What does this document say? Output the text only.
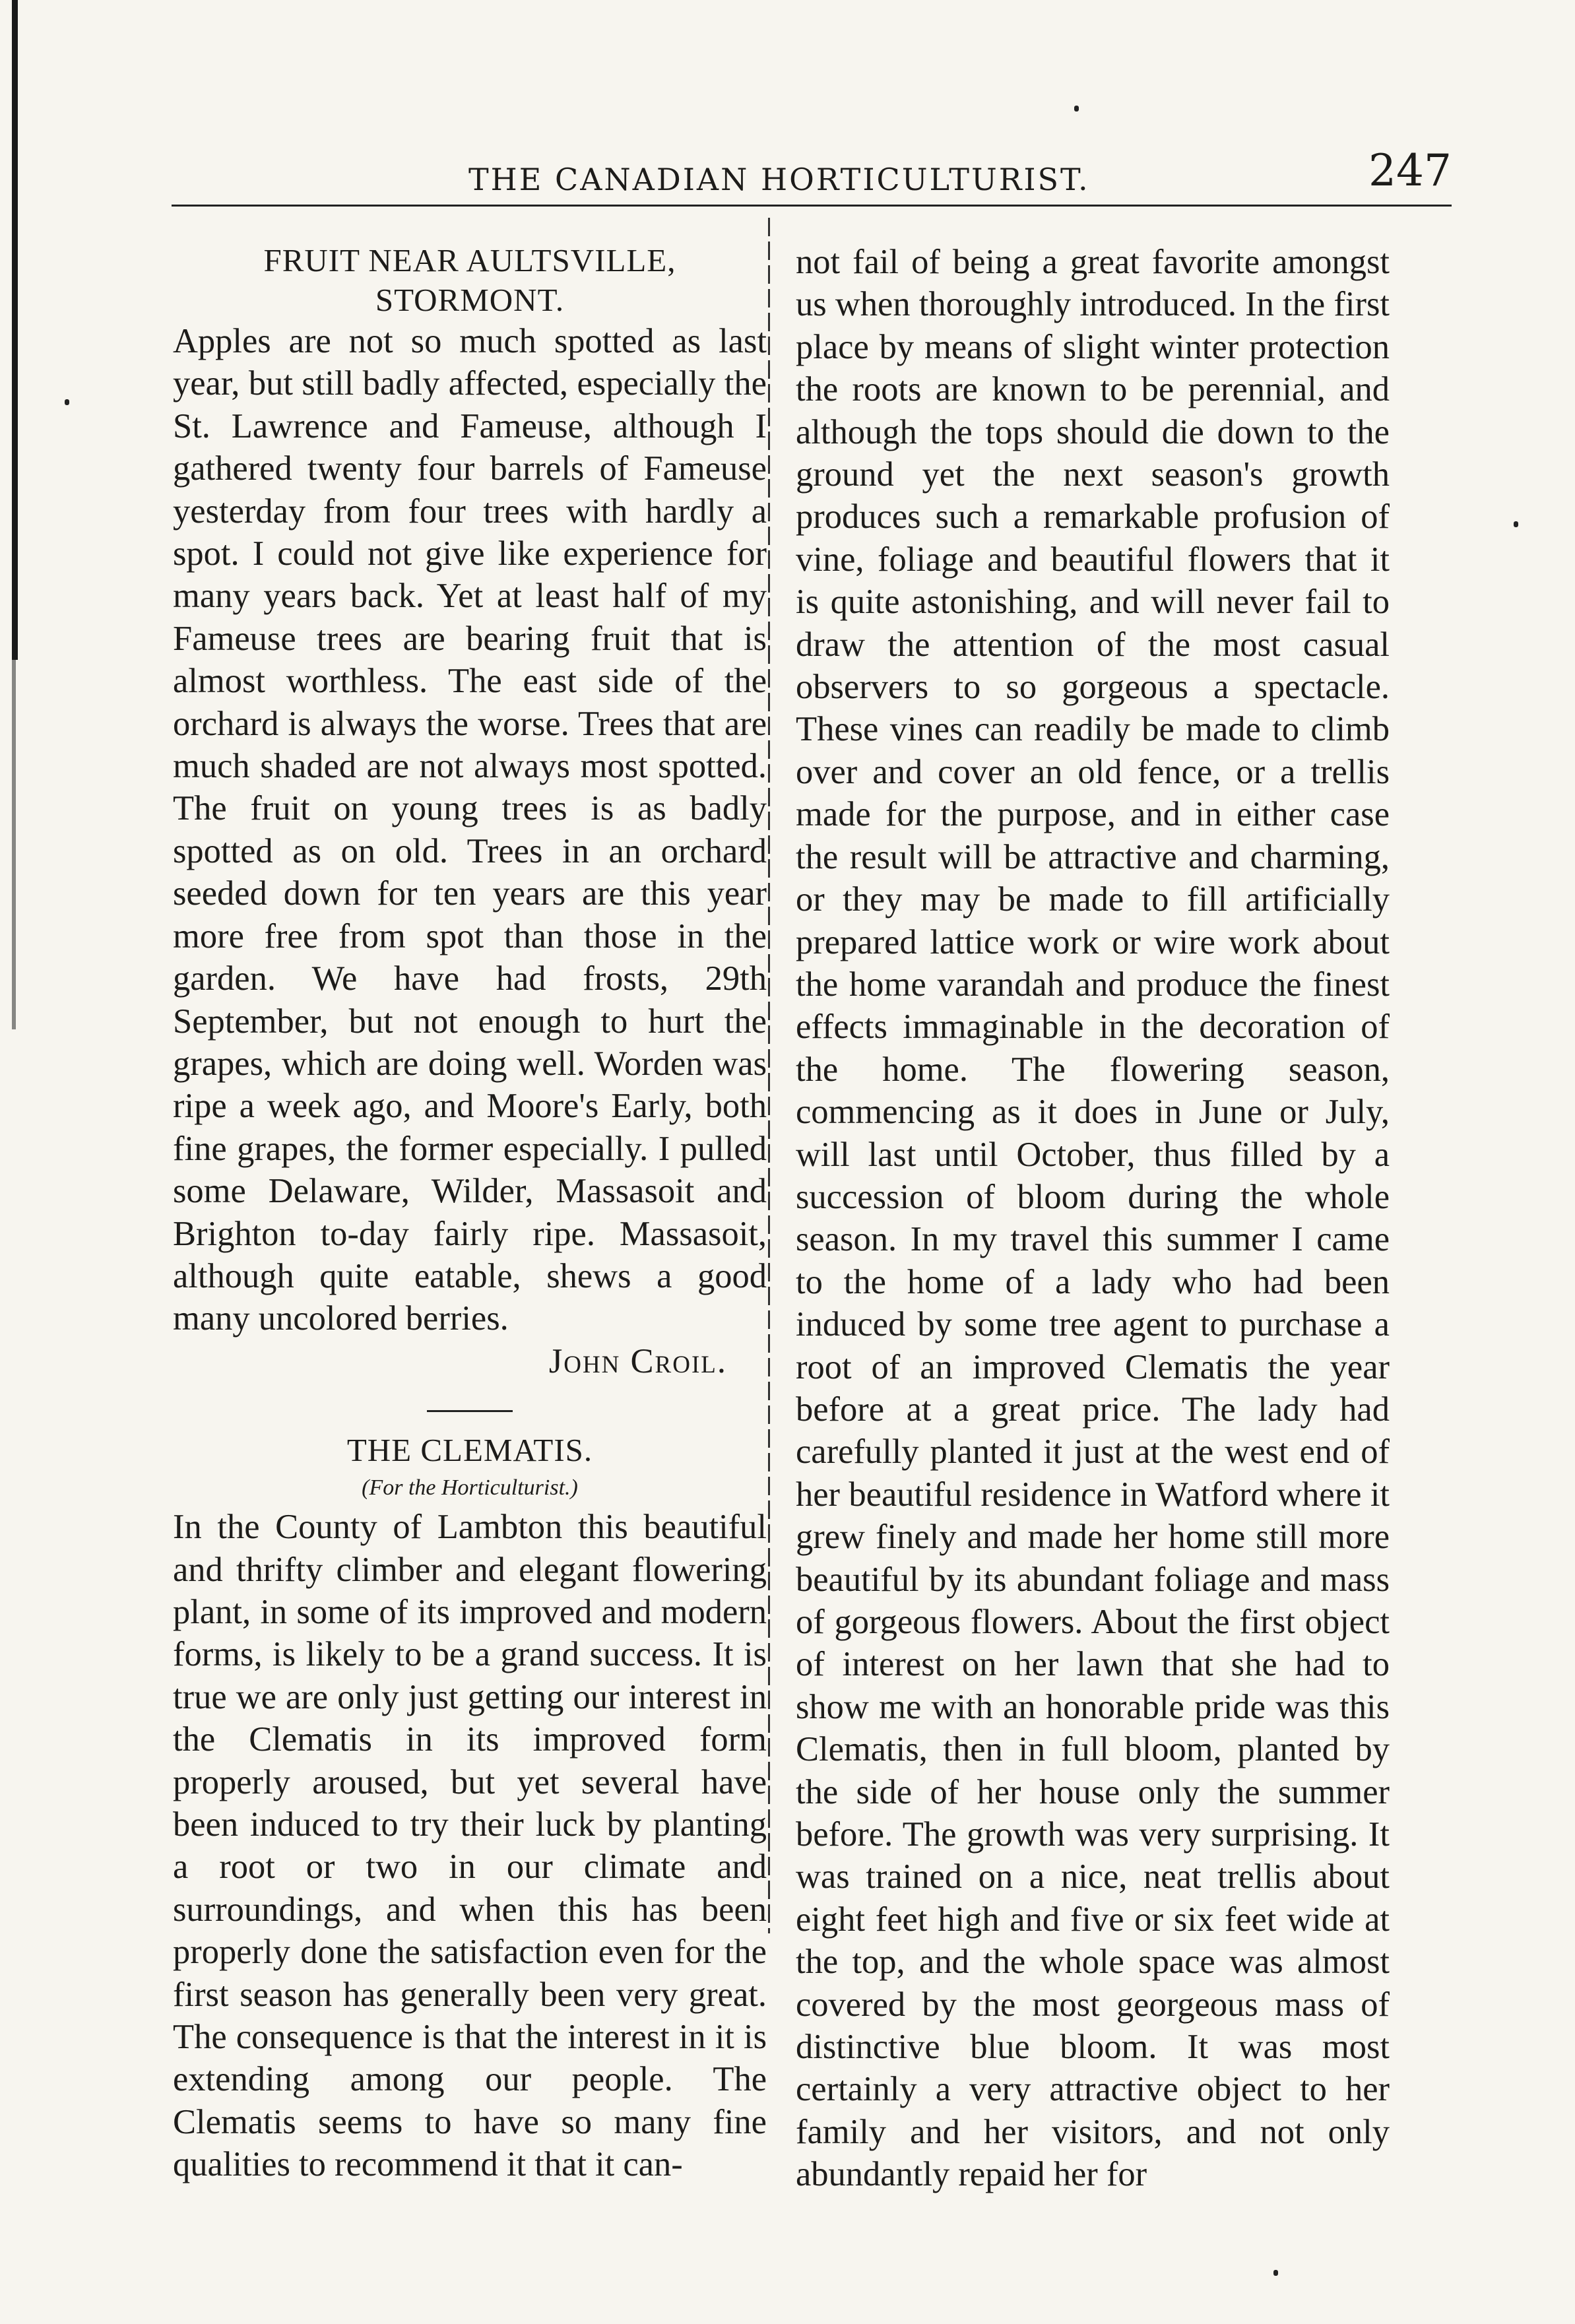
THE CANADIAN HORTICULTURIST.	247
FRUIT NEAR AULTSVILLE,
STORMONT.

Apples are not so much spotted as last year, but still badly affected, especially the St. Lawrence and Fameuse, although I gathered twenty four barrels of Fameuse yesterday from four trees with hardly a spot. I could not give like experience for many years back. Yet at least half of my Fameuse trees are bearing fruit that is almost worthless. The east side of the orchard is always the worse. Trees that are much shaded are not always most spotted. The fruit on young trees is as badly spotted as on old. Trees in an orchard seeded down for ten years are this year more free from spot than those in the garden. We have had frosts, 29th September, but not enough to hurt the grapes, which are doing well. Worden was ripe a week ago, and Moore's Early, both fine grapes, the former especially. I pulled some Delaware, Wilder, Massasoit and Brighton to-day fairly ripe. Massasoit, although quite eatable, shews a good many uncolored berries.

John Croil.

THE CLEMATIS.
(For the Horticulturist.)

In the County of Lambton this beautiful and thrifty climber and elegant flowering plant, in some of its improved and modern forms, is likely to be a grand success. It is true we are only just getting our interest in the Clematis in its improved form properly aroused, but yet several have been induced to try their luck by planting a root or two in our climate and surroundings, and when this has been properly done the satisfaction even for the first season has generally been very great. The consequence is that the interest in it is extending among our people. The Clematis seems to have so many fine qualities to recommend it that it can-

not fail of being a great favorite amongst us when thoroughly introduced. In the first place by means of slight winter protection the roots are known to be perennial, and although the tops should die down to the ground yet the next season's growth produces such a remarkable profusion of vine, foliage and beautiful flowers that it is quite astonishing, and will never fail to draw the attention of the most casual observers to so gorgeous a spectacle. These vines can readily be made to climb over and cover an old fence, or a trellis made for the purpose, and in either case the result will be attractive and charming, or they may be made to fill artificially prepared lattice work or wire work about the home varandah and produce the finest effects immaginable in the decoration of the home. The flowering season, commencing as it does in June or July, will last until October, thus filled by a succession of bloom during the whole season. In my travel this summer I came to the home of a lady who had been induced by some tree agent to purchase a root of an improved Clematis the year before at a great price. The lady had carefully planted it just at the west end of her beautiful residence in Watford where it grew finely and made her home still more beautiful by its abundant foliage and mass of gorgeous flowers. About the first object of interest on her lawn that she had to show me with an honorable pride was this Clematis, then in full bloom, planted by the side of her house only the summer before. The growth was very surprising. It was trained on a nice, neat trellis about eight feet high and five or six feet wide at the top, and the whole space was almost covered by the most georgeous mass of distinctive blue bloom. It was most certainly a very attractive object to her family and her visitors, and not only abundantly repaid her for
